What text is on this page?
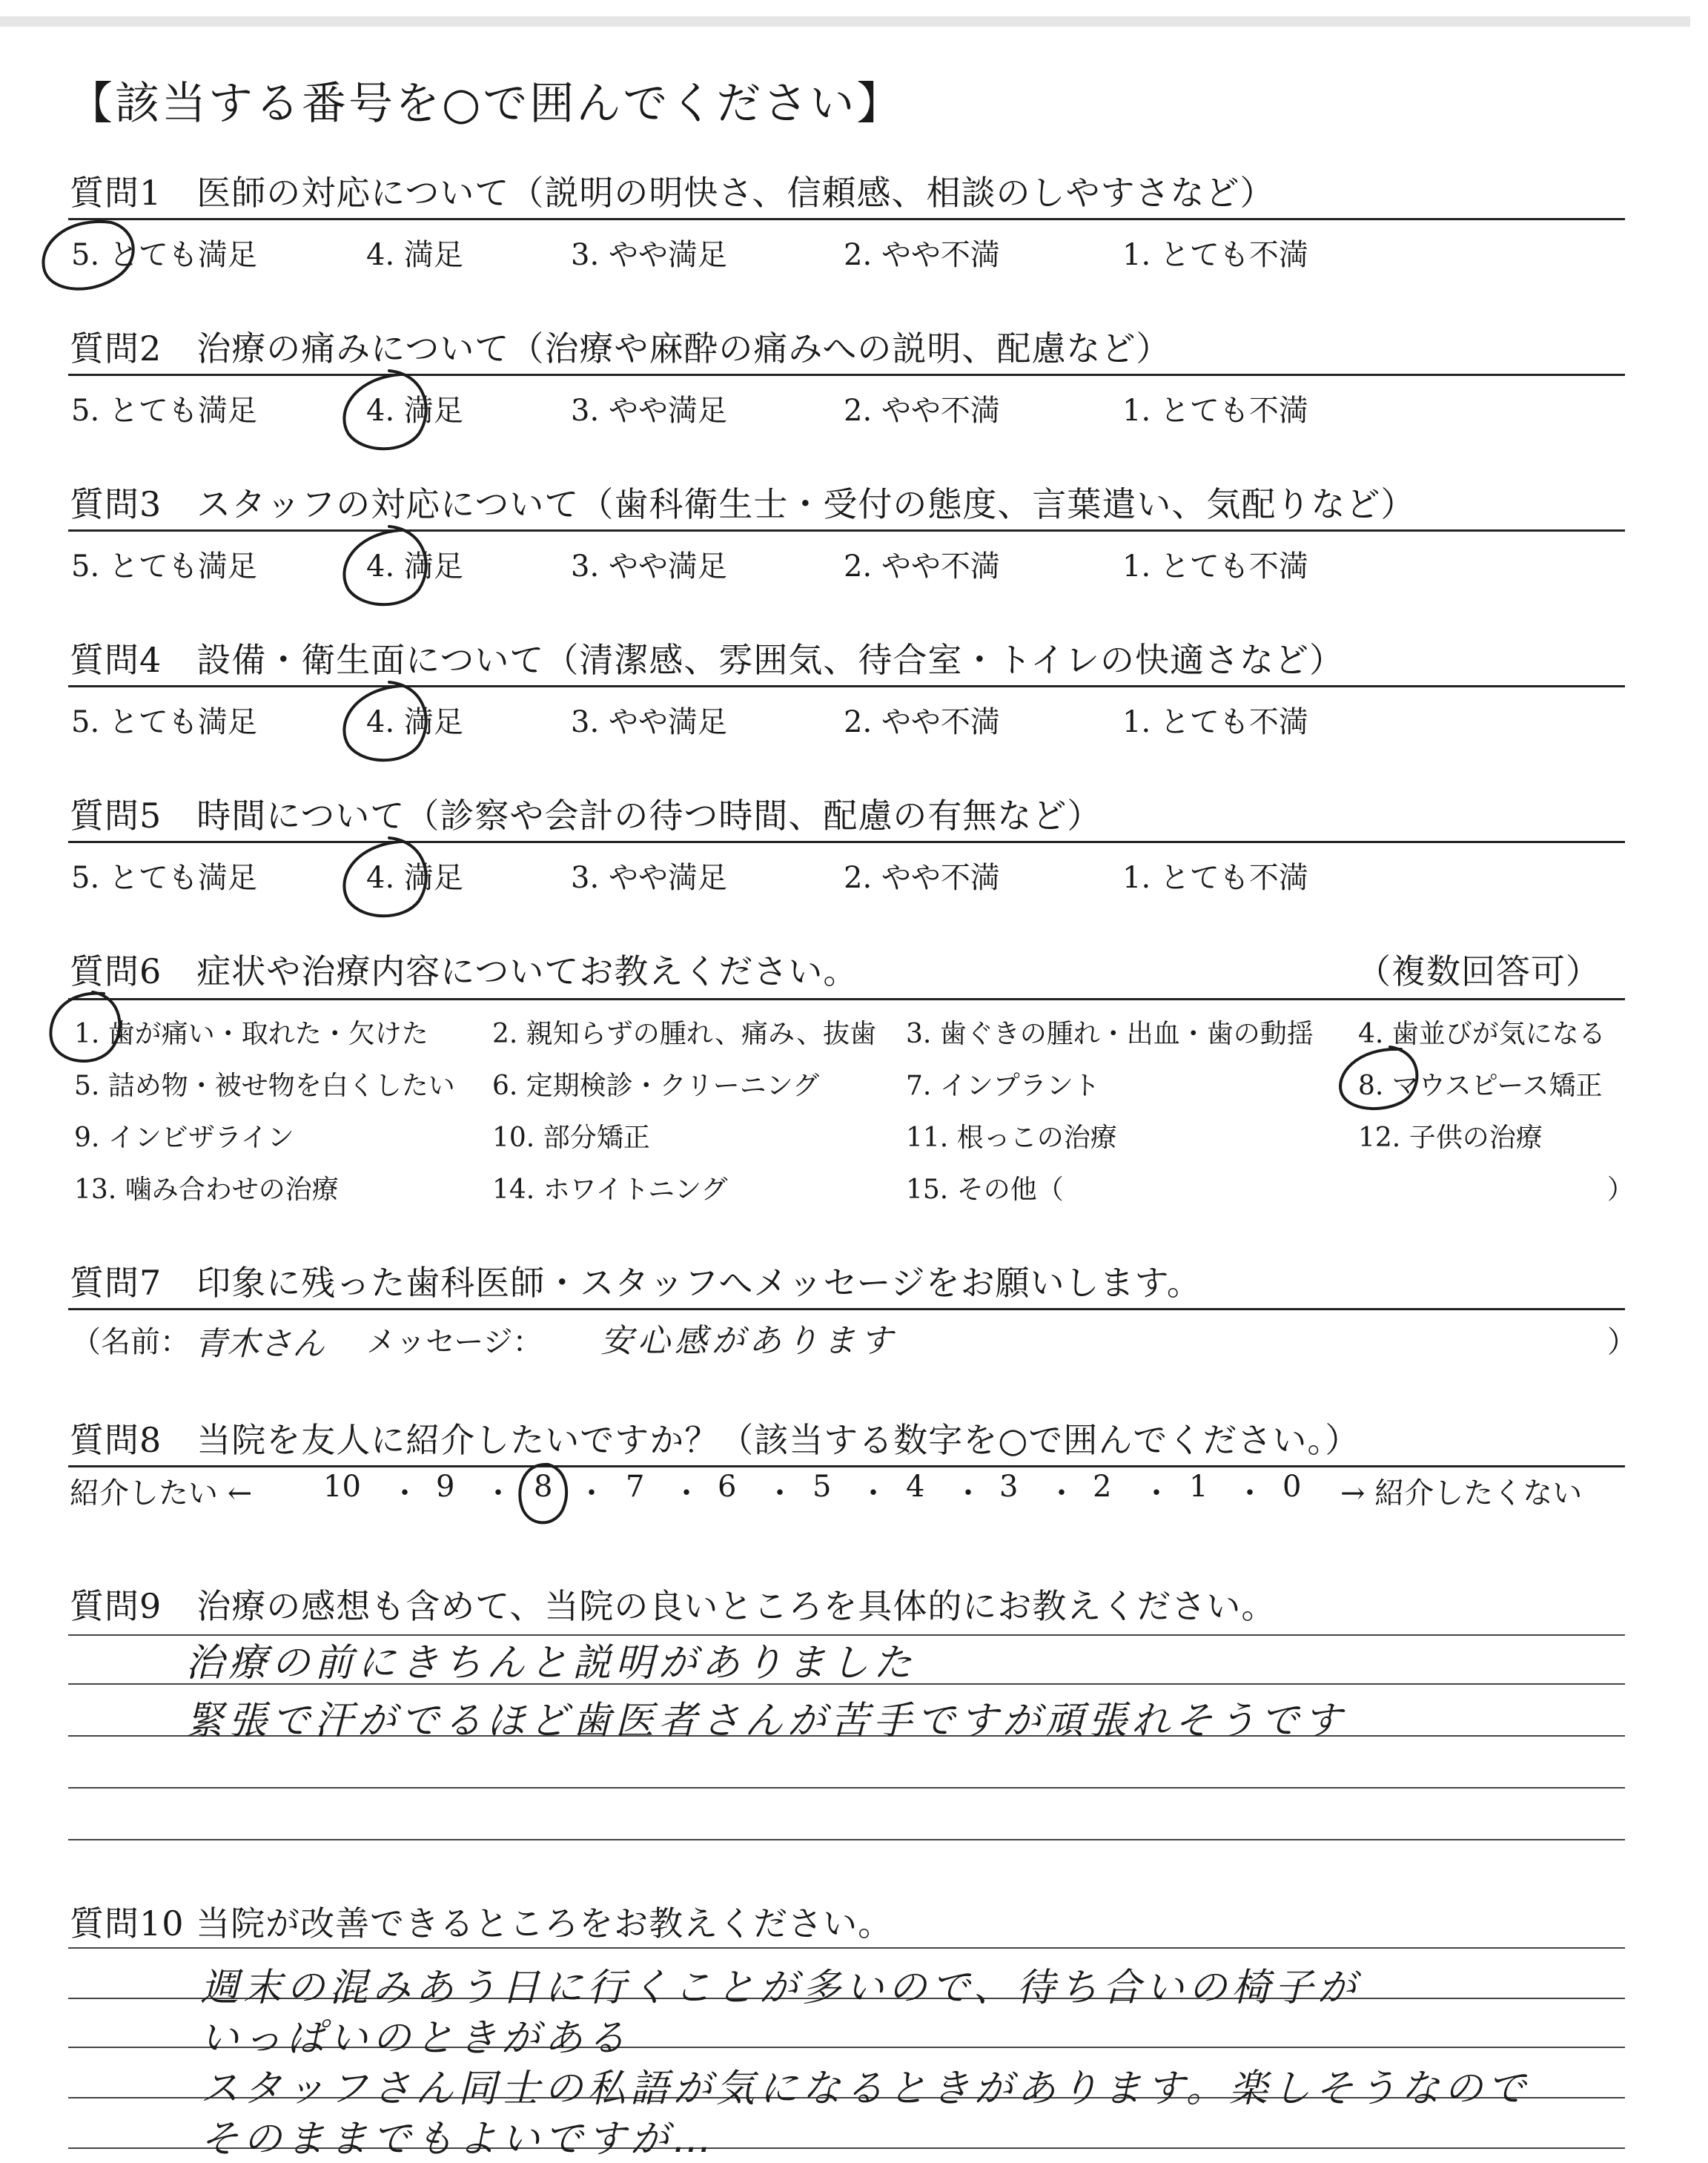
【該当する番号を○で囲んでください】
質問1　医師の対応について（説明の明快さ、信頼感、相談のしやすさなど）
5. とても満足	4. 満足	3. やや満足	2. やや不満	1. とても不満
質問2　治療の痛みについて（治療や麻酔の痛みへの説明、配慮など）
5. とても満足	4. 満足	3. やや満足	2. やや不満	1. とても不満
質問3　スタッフの対応について（歯科衛生士・受付の態度、言葉遣い、気配りなど）
5. とても満足	4. 満足	3. やや満足	2. やや不満	1. とても不満
質問4　設備・衛生面について（清潔感、雰囲気、待合室・トイレの快適さなど）
5. とても満足	4. 満足	3. やや満足	2. やや不満	1. とても不満
質問5　時間について（診察や会計の待つ時間、配慮の有無など）
5. とても満足	4. 満足	3. やや満足	2. やや不満	1. とても不満
質問6　症状や治療内容についてお教えください。	（複数回答可）
1. 歯が痛い・取れた・欠けた 2. 親知らずの腫れ、痛み、抜歯 3. 歯ぐきの腫れ・出血・歯の動揺 4. 歯並びが気になる
5. 詰め物・被せ物を白くしたい 6. 定期検診・クリーニング	7. インプラント	8. マウスピース矯正
9. インビザライン	10. 部分矯正	11. 根っこの治療	12. 子供の治療
13. 噛み合わせの治療	14. ホワイトニング	15. その他（	）
質問7　印象に残った歯科医師・スタッフへメッセージをお願いします。
（名前： 青木さん メッセージ： 安心感があります	）
質問8　当院を友人に紹介したいですか？（該当する数字を○で囲んでください。）
紹介したい ← 10	9	8 7 6	5	4	3	2	1	0 → 紹介したくない
・ ・ ・ ・ ・ ・ ・ ・ ・ ・
質問9　治療の感想も含めて、当院の良いところを具体的にお教えください。
治療の前にきちんと説明がありました
緊張で汗がでるほど歯医者さんが苦手ですが頑張れそうです
質問10 当院が改善できるところをお教えください。
週末の混みあう日に行くことが多いので、待ち合いの椅子が
いっぱいのときがある
スタッフさん同士の私語が気になるときがあります。楽しそうなので
そのままでもよいですが…
